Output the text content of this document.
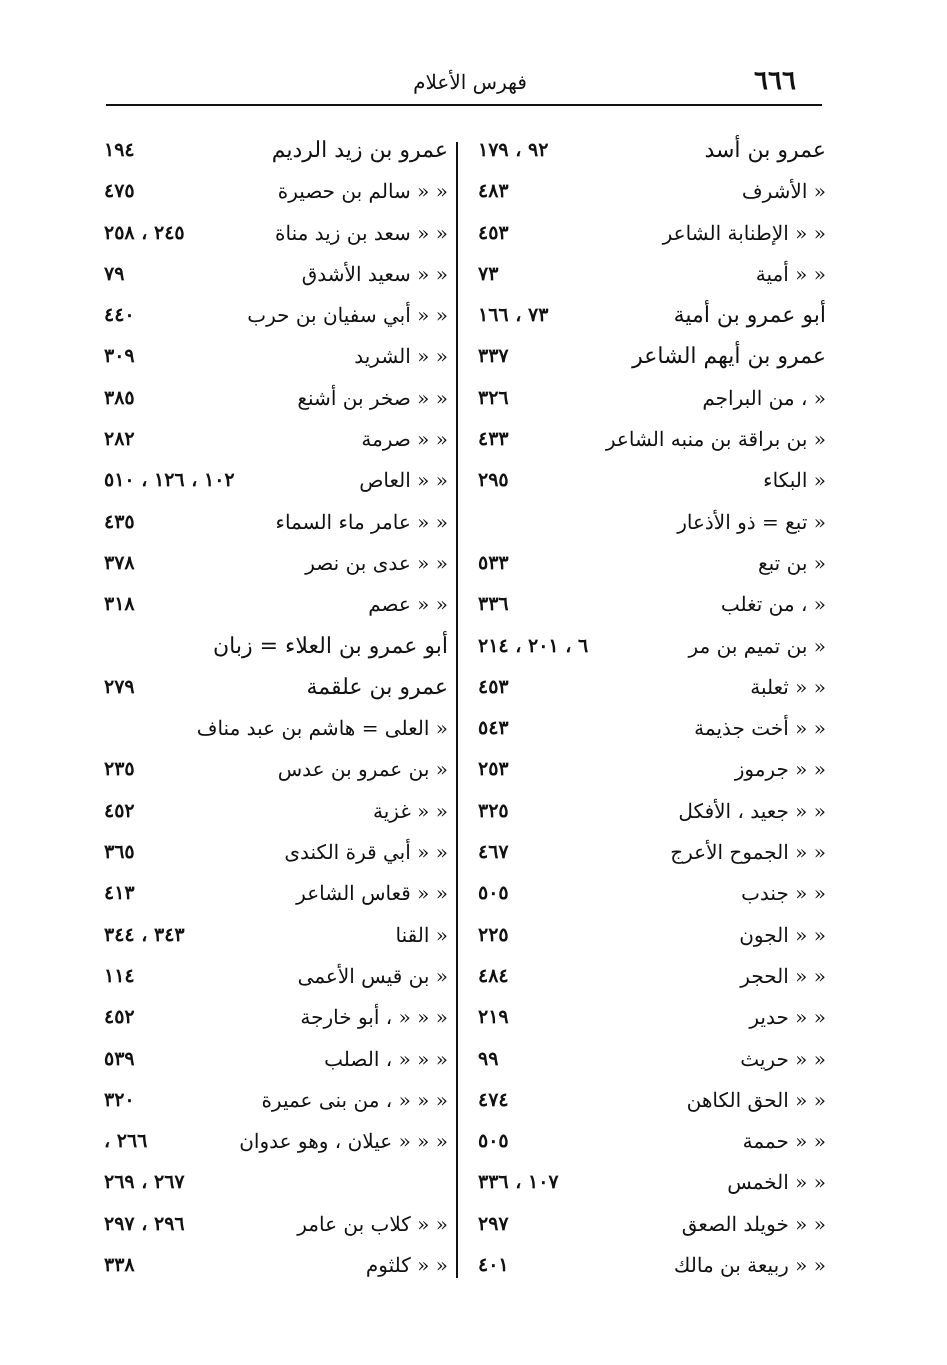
٦٦٦
فهرس الأعلام
عمرو بن أسد
٩٢ ، ١٧٩
« الأشرف
٤٨٣
« « الإطنابة الشاعر
٤٥٣
« « أمية
٧٣
أبو عمرو بن أمية
٧٣ ، ١٦٦
عمرو بن أيهم الشاعر
٣٣٧
« ، من البراجم
٣٢٦
« بن براقة بن منبه الشاعر
٤٣٣
« البكاء
٢٩٥
« تبع = ذو الأذعار
« بن تبع
٥٣٣
« ، من تغلب
٣٣٦
« بن تميم بن مر
٦ ، ٢٠١ ، ٢١٤
« « ثعلبة
٤٥٣
« « أخت جذيمة
٥٤٣
« « جرموز
٢٥٣
« « جعيد ، الأفكل
٣٢٥
« « الجموح الأعرج
٤٦٧
« « جندب
٥٠٥
« « الجون
٢٢٥
« « الحجر
٤٨٤
« « حدير
٢١٩
« « حريث
٩٩
« « الحق الكاهن
٤٧٤
« « حممة
٥٠٥
« « الخمس
١٠٧ ، ٣٣٦
« « خويلد الصعق
٢٩٧
« « ربيعة بن مالك
٤٠١
عمرو بن زيد الرديم
١٩٤
« « سالم بن حصيرة
٤٧٥
« « سعد بن زيد مناة
٢٤٥ ، ٢٥٨
« « سعيد الأشدق
٧٩
« « أبي سفيان بن حرب
٤٤٠
« « الشريد
٣٠٩
« « صخر بن أشنع
٣٨٥
« « صرمة
٢٨٢
« « العاص
١٠٢ ، ١٢٦ ، ٥١٠
« « عامر ماء السماء
٤٣٥
« « عدى بن نصر
٣٧٨
« « عصم
٣١٨
أبو عمرو بن العلاء = زبان
عمرو بن علقمة
٢٧٩
« العلى = هاشم بن عبد مناف
« بن عمرو بن عدس
٢٣٥
« « غزية
٤٥٢
« « أبي قرة الكندى
٣٦٥
« « قعاس الشاعر
٤١٣
« القنا
٣٤٣ ، ٣٤٤
« بن قيس الأعمى
١١٤
« « « ، أبو خارجة
٤٥٢
« « « ، الصلب
٥٣٩
« « « ، من بنى عميرة
٣٢٠
« « « عيلان ، وهو عدوان
٢٦٦ ،
٢٦٧ ، ٢٦٩
« « كلاب بن عامر
٢٩٦ ، ٢٩٧
« « كلثوم
٣٣٨
